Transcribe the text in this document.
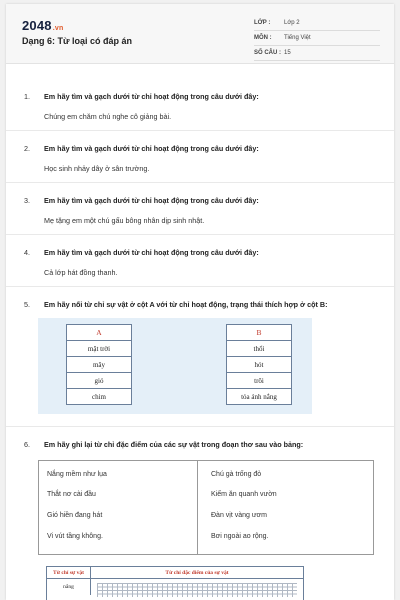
2048.vn
Dạng 6: Từ loại có đáp án
LỚP :	Lớp 2
MÔN :	Tiếng Việt
SỐ CÂU : 15
1.	Em hãy tìm và gạch dưới từ chỉ hoạt động trong câu dưới đây:
Chúng em chăm chú nghe cô giảng bài.
2.	Em hãy tìm và gạch dưới từ chỉ hoạt động trong câu dưới đây:
Học sinh nhảy dây ở sân trường.
3.	Em hãy tìm và gạch dưới từ chỉ hoạt động trong câu dưới đây:
Mẹ tặng em một chú gấu bông nhân dịp sinh nhật.
4.	Em hãy tìm và gạch dưới từ chỉ hoạt động trong câu dưới đây:
Cả lớp hát đồng thanh.
5.	Em hãy nối từ chỉ sự vật ở cột A với từ chỉ hoạt động, trạng thái thích hợp ở cột B:
A
mặt trời
mây
gió
chim
B
thổi
hót
trôi
tỏa ánh nắng
6.	Em hãy ghi lại từ chỉ đặc điểm của các sự vật trong đoạn thơ sau vào bảng:
Nắng mềm như lụa
Thắt nơ cài đầu
Gió hiền đang hát
Vi vút tầng không.
Chú gà trống đỏ
Kiếm ăn quanh vườn
Đàn vịt vàng ươm
Bơi ngoài ao rộng.
Từ chỉ sự vật	Từ chỉ đặc điểm của sự vật
nắng
